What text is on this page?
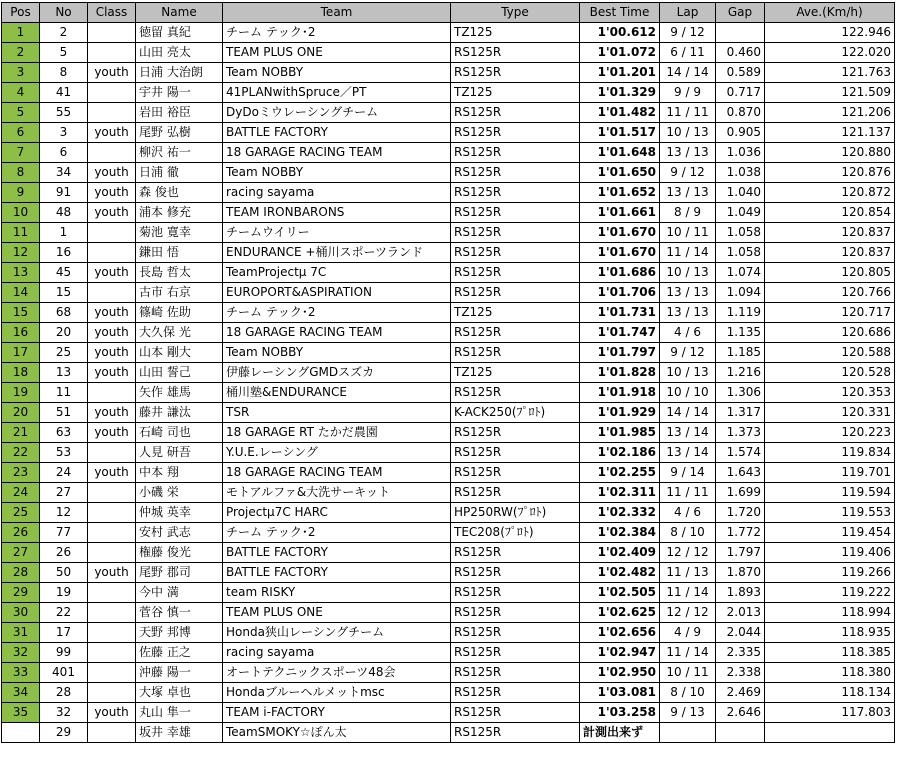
Pos	No	Class	Name	Team	Type	Best Time	Lap	Gap	Ave.(Km/h)
1	2		徳留 真紀	チーム テック･2	TZ125	1'00.612	9 / 12		122.946
2	5		山田 亮太	TEAM PLUS ONE	RS125R	1'01.072	6 / 11	0.460	122.020
3	8	youth	日浦 大治朗	Team NOBBY	RS125R	1'01.201	14 / 14	0.589	121.763
4	41		宇井 陽一	41PLANwithSpruce／PT	TZ125	1'01.329	9 / 9	0.717	121.509
5	55		岩田 裕臣	DyDoミウレーシングチーム	RS125R	1'01.482	11 / 11	0.870	121.206
6	3	youth	尾野 弘樹	BATTLE FACTORY	RS125R	1'01.517	10 / 13	0.905	121.137
7	6		柳沢 祐一	18 GARAGE RACING TEAM	RS125R	1'01.648	13 / 13	1.036	120.880
8	34	youth	日浦 徹	Team NOBBY	RS125R	1'01.650	9 / 12	1.038	120.876
9	91	youth	森 俊也	racing sayama	RS125R	1'01.652	13 / 13	1.040	120.872
10	48	youth	浦本 修充	TEAM IRONBARONS	RS125R	1'01.661	8 / 9	1.049	120.854
11	1		菊池 寛幸	チームウイリー	RS125R	1'01.670	10 / 11	1.058	120.837
12	16		鎌田 悟	ENDURANCE +桶川スポーツランド	RS125R	1'01.670	11 / 14	1.058	120.837
13	45	youth	長島 哲太	TeamProjectμ 7C	RS125R	1'01.686	10 / 13	1.074	120.805
14	15		古市 右京	EUROPORT&ASPIRATION	RS125R	1'01.706	13 / 13	1.094	120.766
15	68	youth	篠崎 佐助	チーム テック･2	TZ125	1'01.731	13 / 13	1.119	120.717
16	20	youth	大久保 光	18 GARAGE RACING TEAM	RS125R	1'01.747	4 / 6	1.135	120.686
17	25	youth	山本 剛大	Team NOBBY	RS125R	1'01.797	9 / 12	1.185	120.588
18	13	youth	山田 誓己	伊藤レーシングGMDスズカ	TZ125	1'01.828	10 / 13	1.216	120.528
19	11		矢作 雄馬	桶川塾&ENDURANCE	RS125R	1'01.918	10 / 10	1.306	120.353
20	51	youth	藤井 謙汰	TSR	K-ACK250(ﾌﾟﾛﾄ)	1'01.929	14 / 14	1.317	120.331
21	63	youth	石崎 司也	18 GARAGE RT たかだ農園	RS125R	1'01.985	13 / 14	1.373	120.223
22	53		人見 研吾	Y.U.E.レーシング	RS125R	1'02.186	13 / 14	1.574	119.834
23	24	youth	中本 翔	18 GARAGE RACING TEAM	RS125R	1'02.255	9 / 14	1.643	119.701
24	27		小磯 栄	モトアルファ&大洗サーキット	RS125R	1'02.311	11 / 11	1.699	119.594
25	12		仲城 英幸	Projectμ7C HARC	HP250RW(ﾌﾟﾛﾄ)	1'02.332	4 / 6	1.720	119.553
26	77		安村 武志	チーム テック･2	TEC208(ﾌﾟﾛﾄ)	1'02.384	8 / 10	1.772	119.454
27	26		権藤 俊光	BATTLE FACTORY	RS125R	1'02.409	12 / 12	1.797	119.406
28	50	youth	尾野 郡司	BATTLE FACTORY	RS125R	1'02.482	11 / 13	1.870	119.266
29	19		今中 満	team RISKY	RS125R	1'02.505	11 / 14	1.893	119.222
30	22		菅谷 慎一	TEAM PLUS ONE	RS125R	1'02.625	12 / 12	2.013	118.994
31	17		天野 邦博	Honda狭山レーシングチーム	RS125R	1'02.656	4 / 9	2.044	118.935
32	99		佐藤 正之	racing sayama	RS125R	1'02.947	11 / 14	2.335	118.385
33	401		沖藤 陽一	オートテクニックスポーツ48会	RS125R	1'02.950	10 / 11	2.338	118.380
34	28		大塚 卓也	Hondaブルーヘルメットmsc	RS125R	1'03.081	8 / 10	2.469	118.134
35	32	youth	丸山 隼一	TEAM i-FACTORY	RS125R	1'03.258	9 / 13	2.646	117.803
	29		坂井 幸雄	TeamSMOKY☆ぽん太	RS125R	計測出来ず			
